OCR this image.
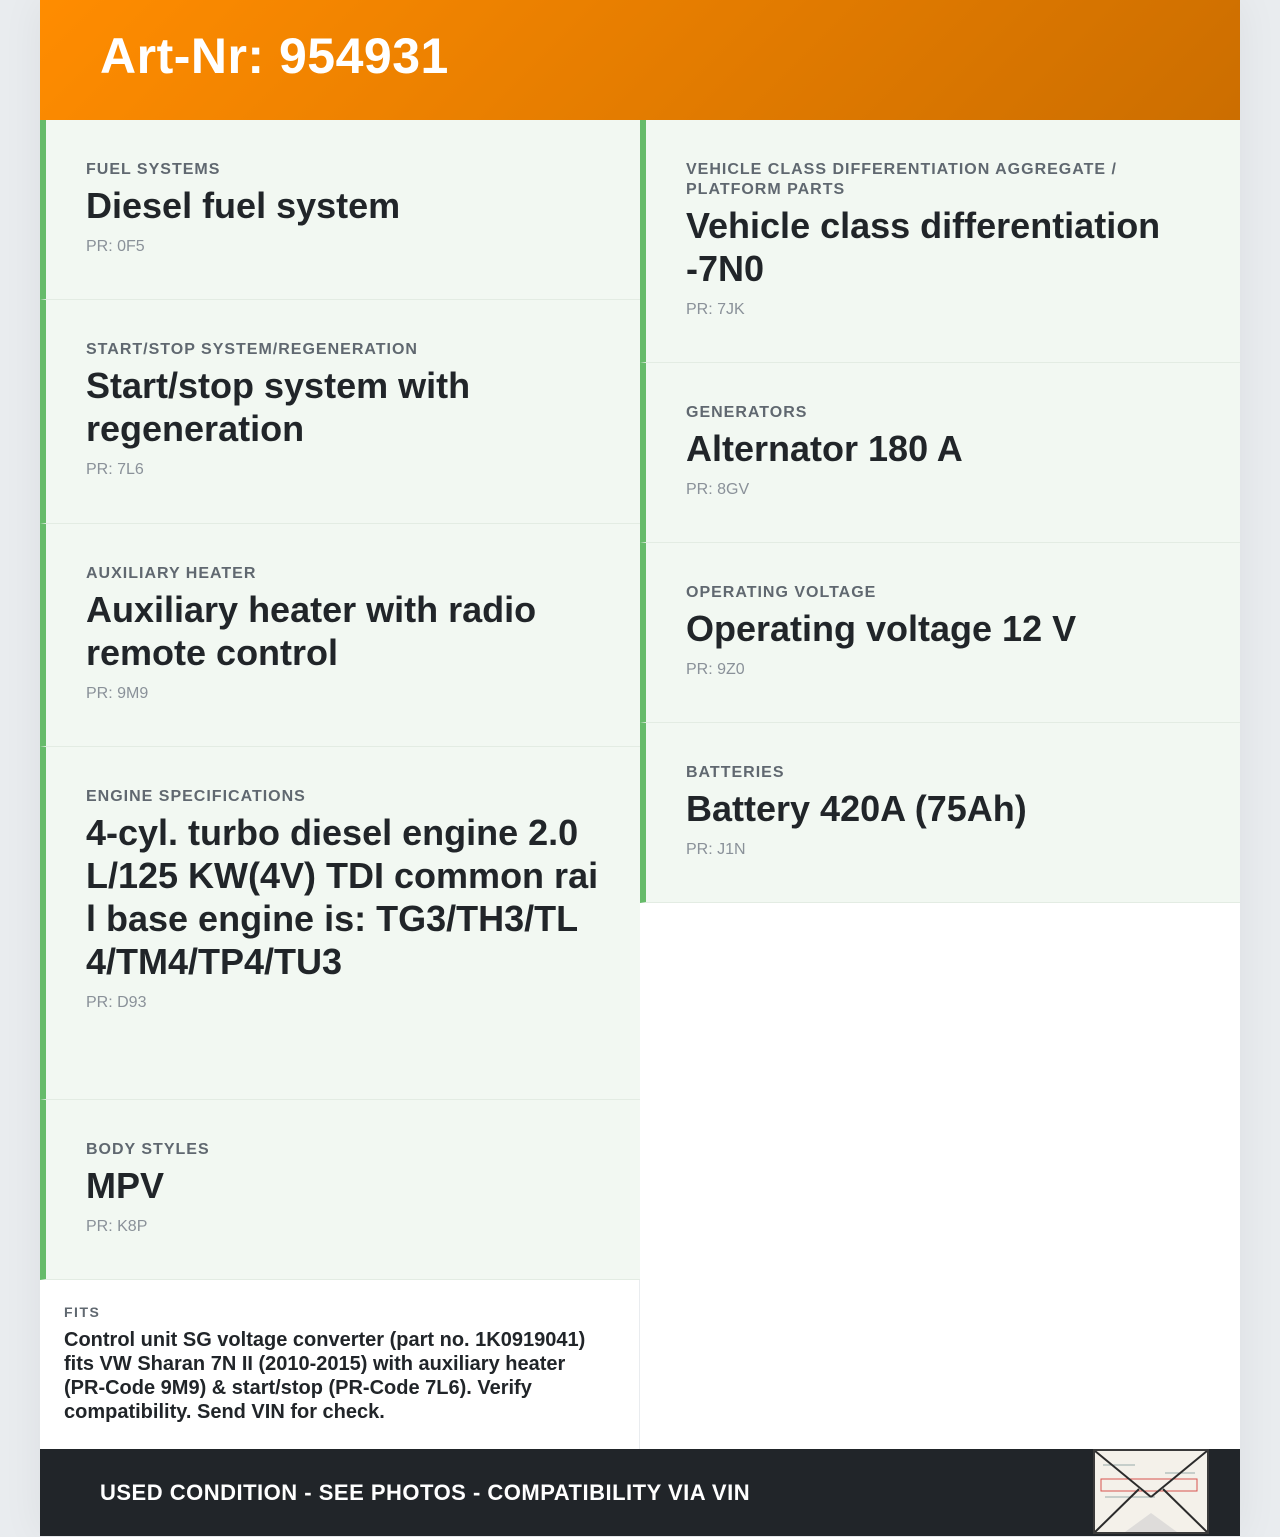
Art-Nr: 954931
FUEL SYSTEMS
Diesel fuel system
PR: 0F5
START/STOP SYSTEM/REGENERATION
Start/stop system with regeneration
PR: 7L6
AUXILIARY HEATER
Auxiliary heater with radio remote control
PR: 9M9
ENGINE SPECIFICATIONS
4-cyl. turbo diesel engine 2.0 L/125 KW(4V) TDI common rail base engine is: TG3/TH3/TL4/TM4/TP4/TU3
PR: D93
BODY STYLES
MPV
PR: K8P
VEHICLE CLASS DIFFERENTIATION AGGREGATE / PLATFORM PARTS
Vehicle class differentiation -7N0
PR: 7JK
GENERATORS
Alternator 180 A
PR: 8GV
OPERATING VOLTAGE
Operating voltage 12 V
PR: 9Z0
BATTERIES
Battery 420A (75Ah)
PR: J1N
FITS
Control unit SG voltage converter (part no. 1K0919041) fits VW Sharan 7N II (2010-2015) with auxiliary heater (PR-Code 9M9) & start/stop (PR-Code 7L6). Verify compatibility. Send VIN for check.
USED CONDITION - SEE PHOTOS - COMPATIBILITY VIA VIN
